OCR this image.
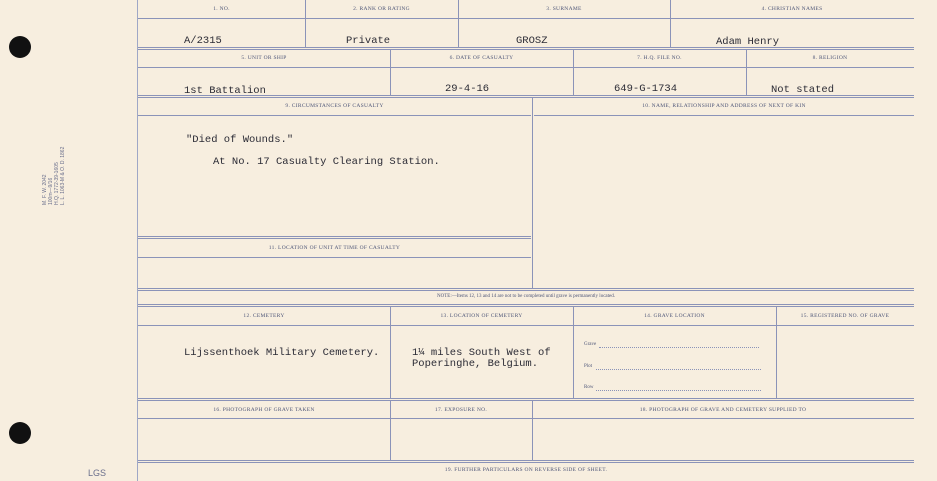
M. F. W. 2042 100m—9/16 H.Q. 1772-39-1605 L. L. 1063-M & O. D. 1862
LGS
1. NO.	2. RANK OR RATING	3. SURNAME	4. CHRISTIAN NAMES
A/2315	Private	GROSZ	Adam Henry
5. UNIT OR SHIP	6. DATE OF CASUALTY	7. H.Q. FILE NO.	8. RELIGION
1st Battalion	29-4-16	649-G-1734	Not stated
9. CIRCUMSTANCES OF CASUALTY	10. NAME, RELATIONSHIP AND ADDRESS OF NEXT OF KIN
"Died of Wounds."
At No. 17 Casualty Clearing Station.
11. LOCATION OF UNIT AT TIME OF CASUALTY
NOTE:—Items 12, 13 and 14 are not to be completed until grave is permanently located.
12. CEMETERY	13. LOCATION OF CEMETERY	14. GRAVE LOCATION	15. REGISTERED NO. OF GRAVE
Lijssenthoek Military Cemetery.	1¼ miles South West of
Poperinghe, Belgium.
Grave
Plot
Row
16. PHOTOGRAPH OF GRAVE TAKEN	17. EXPOSURE NO.	18. PHOTOGRAPH OF GRAVE AND CEMETERY SUPPLIED TO
19. FURTHER PARTICULARS ON REVERSE SIDE OF SHEET.
